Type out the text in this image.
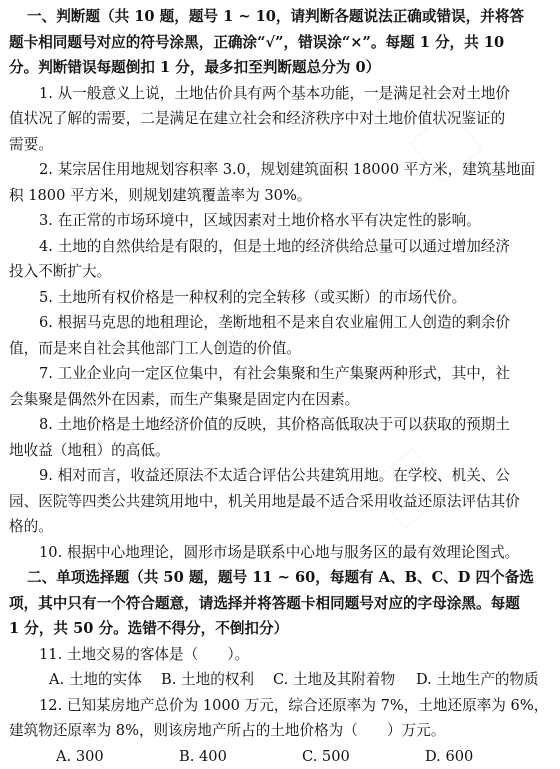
一、判断题（共 10 题，题号 1 ~ 10，请判断各题说法正确或错误，并将答

题卡相同题号对应的符号涂黑，正确涂“√”，错误涂“×”。每题 1 分，共 10

分。判断错误每题倒扣 1 分，最多扣至判断题总分为 0）

1. 从一般意义上说，土地估价具有两个基本功能，一是满足社会对土地价

值状况了解的需要，二是满足在建立社会和经济秩序中对土地价值状况鉴证的

需要。

2. 某宗居住用地规划容积率 3.0，规划建筑面积 18000 平方米，建筑基地面

积 1800 平方米，则规划建筑覆盖率为 30%。

3. 在正常的市场环境中，区域因素对土地价格水平有决定性的影响。

4. 土地的自然供给是有限的，但是土地的经济供给总量可以通过增加经济

投入不断扩大。

5. 土地所有权价格是一种权利的完全转移（或买断）的市场代价。

6. 根据马克思的地租理论，垄断地租不是来自农业雇佣工人创造的剩余价

值，而是来自社会其他部门工人创造的价值。

7. 工业企业向一定区位集中，有社会集聚和生产集聚两种形式，其中，社

会集聚是偶然外在因素，而生产集聚是固定内在因素。

8. 土地价格是土地经济价值的反映，其价格高低取决于可以获取的预期土

地收益（地租）的高低。

9. 相对而言，收益还原法不太适合评估公共建筑用地。在学校、机关、公

园、医院等四类公共建筑用地中，机关用地是最不适合采用收益还原法评估其价

格的。

10. 根据中心地理论，圆形市场是联系中心地与服务区的最有效理论图式。

二、单项选择题（共 50 题，题号 11 ~ 60，每题有 A、B、C、D 四个备选

项，其中只有一个符合题意，请选择并将答题卡相同题号对应的字母涂黑。每题

1 分，共 50 分。选错不得分，不倒扣分）

11. 土地交易的客体是（　　）。

A. 土地的实体	B. 土地的权利	C. 土地及其附着物	D. 土地生产的物质

12. 已知某房地产总价为 1000 万元，综合还原率为 7%，土地还原率为 6%，

建筑物还原率为 8%，则该房地产所占的土地价格为（　　）万元。

A. 300	B. 400	C. 500	D. 600
